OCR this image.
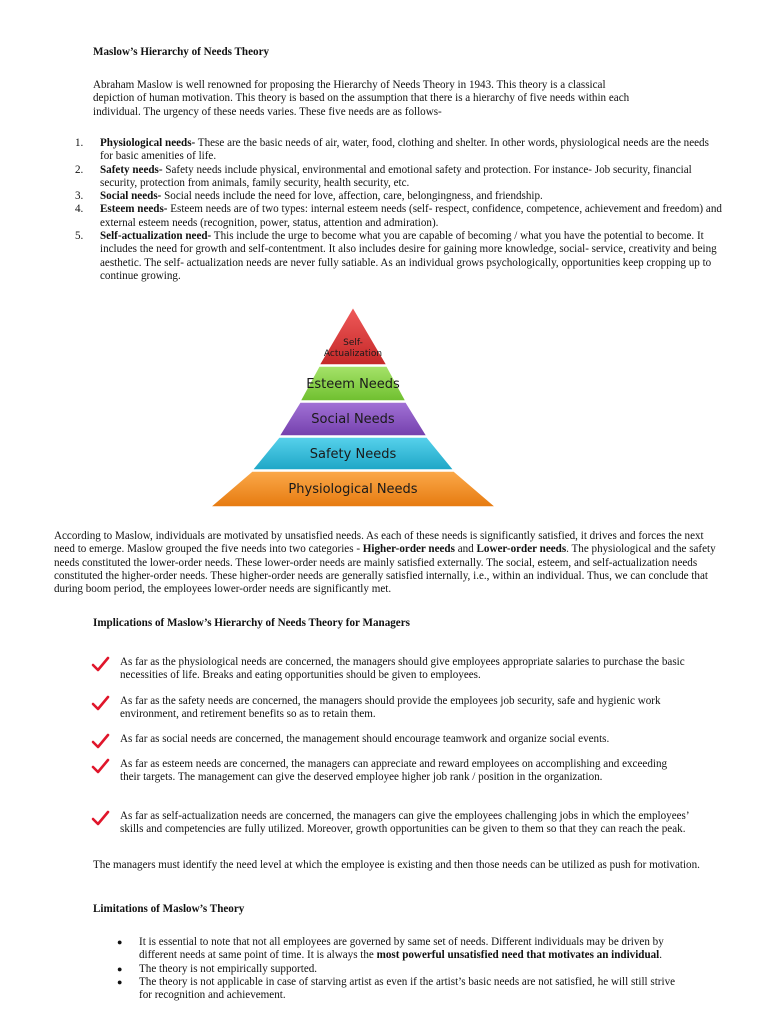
Maslow’s Hierarchy of Needs Theory
Abraham Maslow is well renowned for proposing the Hierarchy of Needs Theory in 1943. This theory is a classical
depiction of human motivation. This theory is based on the assumption that there is a hierarchy of five needs within each
individual. The urgency of these needs varies. These five needs are as follows-
1. Physiological needs- These are the basic needs of air, water, food, clothing and shelter. In other words, physiological needs are the needs for basic amenities of life.
2. Safety needs- Safety needs include physical, environmental and emotional safety and protection. For instance- Job security, financial security, protection from animals, family security, health security, etc.
3. Social needs- Social needs include the need for love, affection, care, belongingness, and friendship.
4. Esteem needs- Esteem needs are of two types: internal esteem needs (self- respect, confidence, competence, achievement and freedom) and external esteem needs (recognition, power, status, attention and admiration).
5. Self-actualization need- This include the urge to become what you are capable of becoming / what you have the potential to become. It includes the need for growth and self-contentment. It also includes desire for gaining more knowledge, social- service, creativity and being aesthetic. The self- actualization needs are never fully satiable. As an individual grows psychologically, opportunities keep cropping up to continue growing.
Self-
Actualization
Esteem Needs
Social Needs
Safety Needs
Physiological Needs
According to Maslow, individuals are motivated by unsatisfied needs. As each of these needs is significantly satisfied, it drives and forces the next need to emerge. Maslow grouped the five needs into two categories - Higher-order needs and Lower-order needs. The physiological and the safety needs constituted the lower-order needs. These lower-order needs are mainly satisfied externally. The social, esteem, and self-actualization needs constituted the higher-order needs. These higher-order needs are generally satisfied internally, i.e., within an individual. Thus, we can conclude that during boom period, the employees lower-order needs are significantly met.
Implications of Maslow’s Hierarchy of Needs Theory for Managers
As far as the physiological needs are concerned, the managers should give employees appropriate salaries to purchase the basic necessities of life. Breaks and eating opportunities should be given to employees.
As far as the safety needs are concerned, the managers should provide the employees job security, safe and hygienic work environment, and retirement benefits so as to retain them.
As far as social needs are concerned, the management should encourage teamwork and organize social events.
As far as esteem needs are concerned, the managers can appreciate and reward employees on accomplishing and exceeding their targets. The management can give the deserved employee higher job rank / position in the organization.
As far as self-actualization needs are concerned, the managers can give the employees challenging jobs in which the employees’ skills and competencies are fully utilized. Moreover, growth opportunities can be given to them so that they can reach the peak.
The managers must identify the need level at which the employee is existing and then those needs can be utilized as push for motivation.
Limitations of Maslow’s Theory
● It is essential to note that not all employees are governed by same set of needs. Different individuals may be driven by different needs at same point of time. It is always the most powerful unsatisfied need that motivates an individual.
● The theory is not empirically supported.
● The theory is not applicable in case of starving artist as even if the artist’s basic needs are not satisfied, he will still strive for recognition and achievement.
